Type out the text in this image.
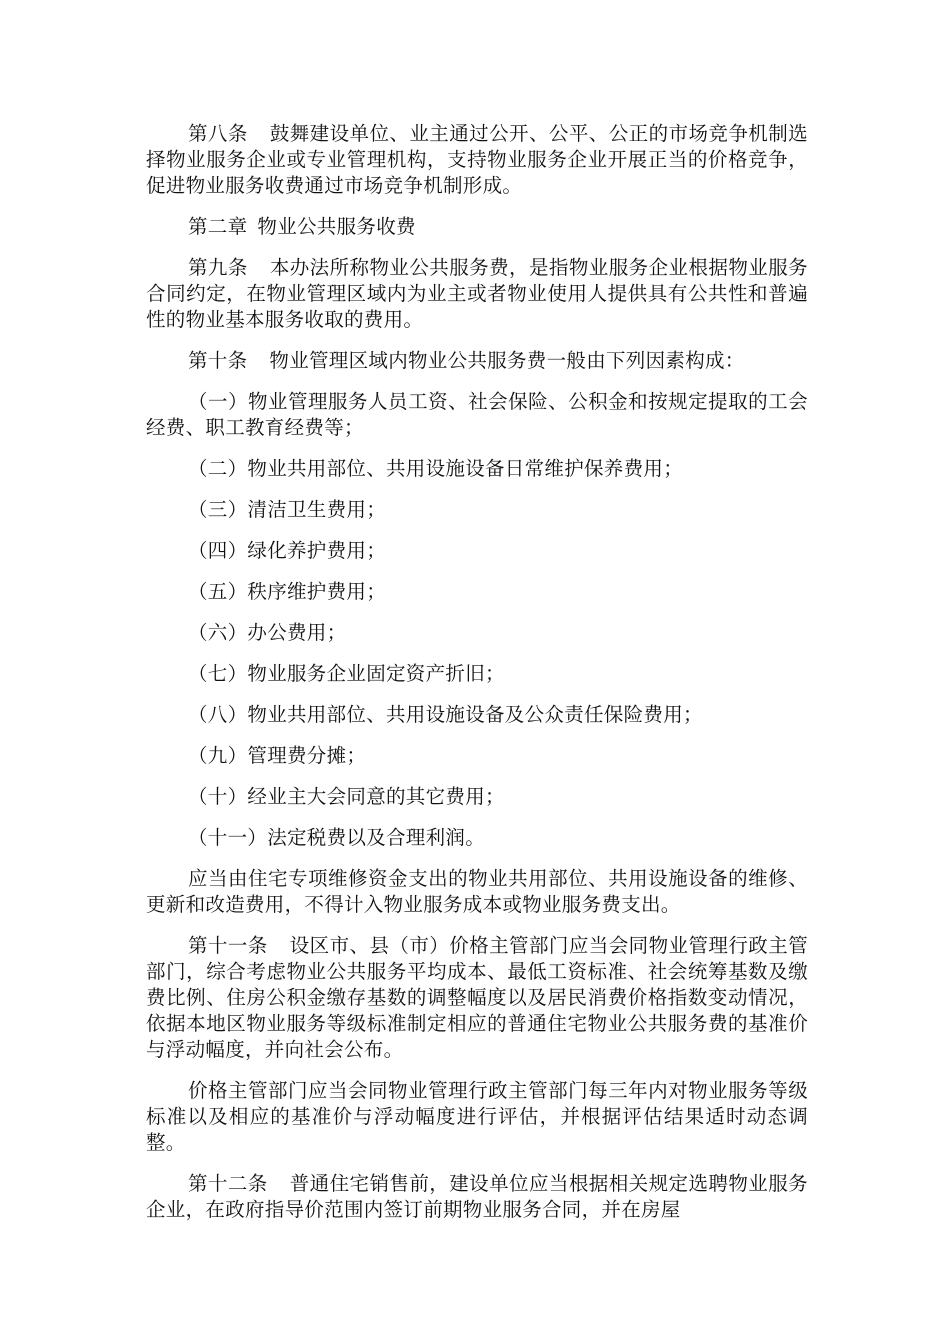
第八条 鼓舞建设单位、业主通过公开、公平、公正的市场竞争机制选择物业服务企业或专业管理机构，支持物业服务企业开展正当的价格竞争，促进物业服务收费通过市场竞争机制形成。

第二章 物业公共服务收费

第九条 本办法所称物业公共服务费，是指物业服务企业根据物业服务合同约定，在物业管理区域内为业主或者物业使用人提供具有公共性和普遍性的物业基本服务收取的费用。

第十条 物业管理区域内物业公共服务费一般由下列因素构成：

（一）物业管理服务人员工资、社会保险、公积金和按规定提取的工会经费、职工教育经费等；

（二）物业共用部位、共用设施设备日常维护保养费用；

（三）清洁卫生费用；

（四）绿化养护费用；

（五）秩序维护费用；

（六）办公费用；

（七）物业服务企业固定资产折旧；

（八）物业共用部位、共用设施设备及公众责任保险费用；

（九）管理费分摊；

（十）经业主大会同意的其它费用；

（十一）法定税费以及合理利润。

应当由住宅专项维修资金支出的物业共用部位、共用设施设备的维修、更新和改造费用，不得计入物业服务成本或物业服务费支出。

第十一条 设区市、县（市）价格主管部门应当会同物业管理行政主管部门，综合考虑物业公共服务平均成本、最低工资标准、社会统筹基数及缴费比例、住房公积金缴存基数的调整幅度以及居民消费价格指数变动情况，依据本地区物业服务等级标准制定相应的普通住宅物业公共服务费的基准价与浮动幅度，并向社会公布。

价格主管部门应当会同物业管理行政主管部门每三年内对物业服务等级标准以及相应的基准价与浮动幅度进行评估，并根据评估结果适时动态调整。

第十二条 普通住宅销售前，建设单位应当根据相关规定选聘物业服务企业，在政府指导价范围内签订前期物业服务合同，并在房屋
